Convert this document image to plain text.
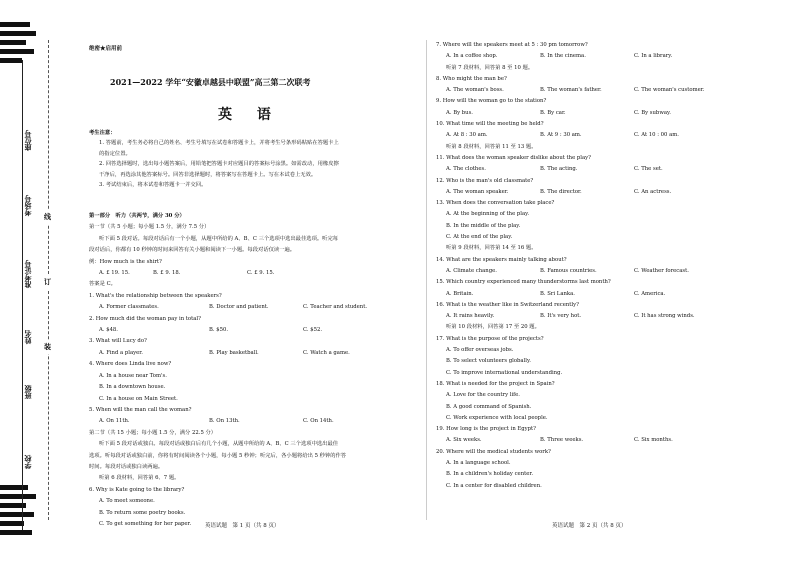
座位号
考场号
准考证号
姓名
班级
学校
线
订
装
绝密★启用前
2021—2022 学年“安徽卓越县中联盟”高三第二次联考
英 语

考生注意：

1. 答题前，考生务必将自己的姓名、考生号填写在试卷和答题卡上，并将考生号条形码粘贴在答题卡上

的指定位置。

2. 回答选择题时，选出每小题答案后，用铅笔把答题卡对应题目的答案标号涂黑。如需改动，用橡皮擦

干净后，再选涂其他答案标号。回答非选择题时，将答案写在答题卡上。写在本试卷上无效。

3. 考试结束后，将本试卷和答题卡一并交回。

第一部分　听力（共两节，满分 30 分）

第一节（共 5 小题；每小题 1.5 分，满分 7.5 分）

听下面 5 段对话。每段对话后有一个小题，从题中所给的 A、B、C 三个选项中选出最佳选项。听完每

段对话后，你都有 10 秒钟的时间来回答有关小题和阅读下一小题。每段对话仅读一遍。

例：How much is the shirt?

A. £ 19. 15.	B. £ 9. 18.	C. £ 9. 15.

答案是 C。

1. What's the relationship between the speakers?

A. Former classmates.	B. Doctor and patient.	C. Teacher and student.

2. How much did the woman pay in total?

A. $48.	B. $50.	C. $52.

3. What will Lucy do?

A. Find a player.	B. Play basketball.	C. Watch a game.

4. Where does Linda live now?

A. In a house near Tom's.

B. In a downtown house.

C. In a house on Main Street.

5. When will the man call the woman?

A. On 11th.	B. On 13th.	C. On 14th.

第二节（共 15 小题；每小题 1.5 分，满分 22.5 分）

听下面 5 段对话或独白。每段对话或独白后有几个小题，从题中所给的 A、B、C 三个选项中选出最佳

选项。听每段对话或独白前，你将有时间阅读各个小题，每小题 5 秒钟；听完后，各小题将给出 5 秒钟的作答

时间。每段对话或独白读两遍。

听第 6 段材料，回答第 6、7 题。

6. Why is Kate going to the library?

A. To meet someone.

B. To return some poetry books.

C. To get something for her paper.	英语试题　第 1 页（共 8 页）

7. Where will the speakers meet at 5 : 30 pm tomorrow?

A. In a coffee shop.	B. In the cinema.	C. In a library.

听第 7 段材料，回答第 8 至 10 题。

8. Who might the man be?

A. The woman's boss.	B. The woman's father.	C. The woman's customer.

9. How will the woman go to the station?

A. By bus.	B. By car.	C. By subway.

10. What time will the meeting be held?

A. At 8 : 30 am.	B. At 9 : 30 am.	C. At 10 : 00 am.

听第 8 段材料，回答第 11 至 13 题。

11. What does the woman speaker dislike about the play?

A. The clothes.	B. The acting.	C. The set.

12. Who is the man's old classmate?

A. The woman speaker.	B. The director.	C. An actress.

13. When does the conversation take place?

A. At the beginning of the play.

B. In the middle of the play.

C. At the end of the play.

听第 9 段材料，回答第 14 至 16 题。

14. What are the speakers mainly talking about?

A. Climate change.	B. Famous countries.	C. Weather forecast.

15. Which country experienced many thunderstorms last month?

A. Britain.	B. Sri Lanka.	C. America.

16. What is the weather like in Switzerland recently?

A. It rains heavily.	B. It's very hot.	C. It has strong winds.

听第 10 段材料，回答第 17 至 20 题。

17. What is the purpose of the projects?

A. To offer overseas jobs.

B. To select volunteers globally.

C. To improve international understanding.

18. What is needed for the project in Spain?

A. Love for the country life.

B. A good command of Spanish.

C. Work experience with local people.

19. How long is the project in Egypt?

A. Six weeks.	B. Three weeks.	C. Six months.

20. Where will the medical students work?

A. In a language school.

B. In a children's holiday center.

C. In a center for disabled children.

英语试题　第 2 页（共 8 页）
